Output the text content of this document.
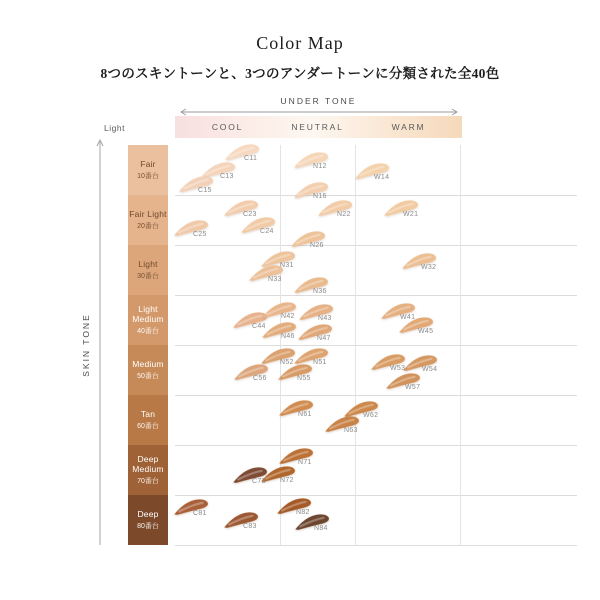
Color Map
8つのスキントーンと、3つのアンダートーンに分類された全40色
UNDER TONE
COOL	NEUTRAL	WARM
Light
SKIN TONE
Fair
10番台
Fair Light
20番台
Light
30番台
Light Medium
40番台
Medium
50番台
Tan
60番台
Deep Medium
70番台
Deep
80番台
C11
C13
C15
N12
N16
W14
C23
C25	C24
N22
N26
W21
N31
N33
N36
W32
C44
N42	N43
N46	N47
W41
W45
N52	N51
N55
C56
W53 W54
W57
N61	W62
N63
N71
N72
C73
C81
C83
N82
N84
